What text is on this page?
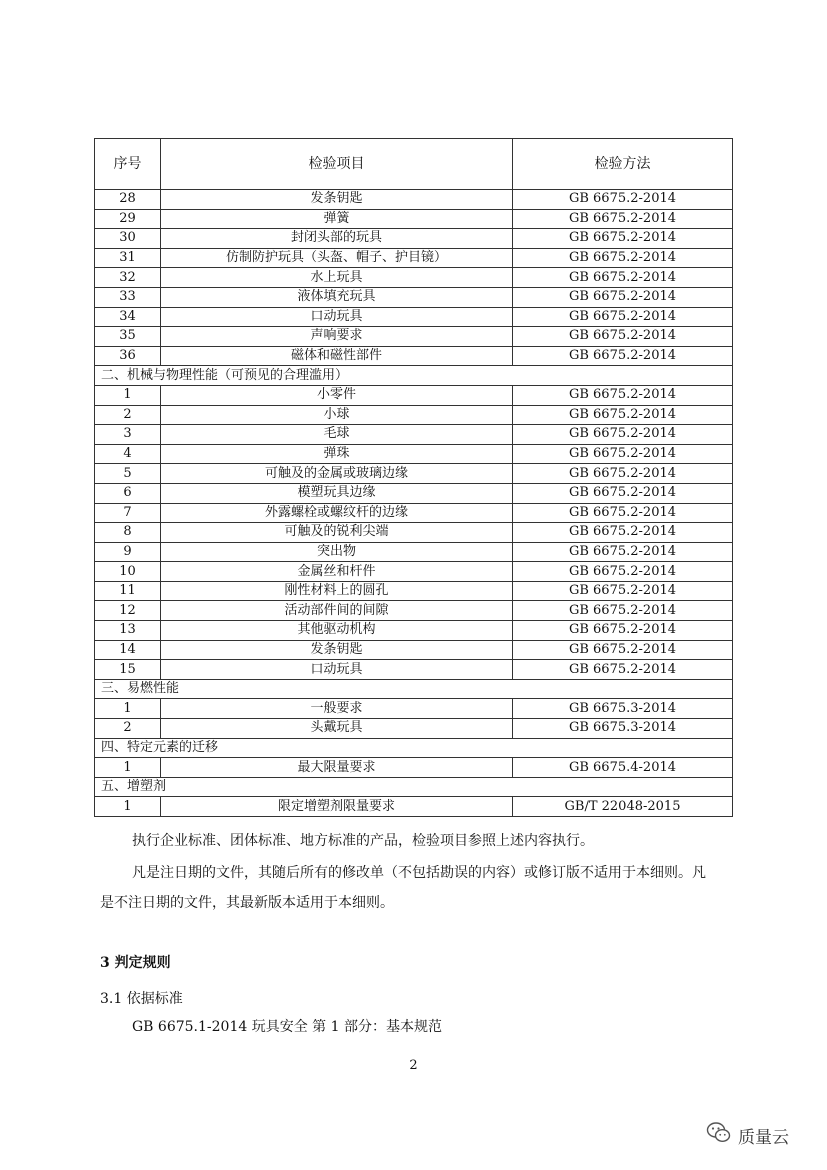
序号	检验项目	检验方法
28	发条钥匙	GB 6675.2-2014
29	弹簧	GB 6675.2-2014
30	封闭头部的玩具	GB 6675.2-2014
31	仿制防护玩具（头盔、帽子、护目镜）	GB 6675.2-2014
32	水上玩具	GB 6675.2-2014
33	液体填充玩具	GB 6675.2-2014
34	口动玩具	GB 6675.2-2014
35	声响要求	GB 6675.2-2014
36	磁体和磁性部件	GB 6675.2-2014
二、机械与物理性能（可预见的合理滥用）		
1	小零件	GB 6675.2-2014
2	小球	GB 6675.2-2014
3	毛球	GB 6675.2-2014
4	弹珠	GB 6675.2-2014
5	可触及的金属或玻璃边缘	GB 6675.2-2014
6	模塑玩具边缘	GB 6675.2-2014
7	外露螺栓或螺纹杆的边缘	GB 6675.2-2014
8	可触及的锐利尖端	GB 6675.2-2014
9	突出物	GB 6675.2-2014
10	金属丝和杆件	GB 6675.2-2014
11	刚性材料上的圆孔	GB 6675.2-2014
12	活动部件间的间隙	GB 6675.2-2014
13	其他驱动机构	GB 6675.2-2014
14	发条钥匙	GB 6675.2-2014
15	口动玩具	GB 6675.2-2014
三、易燃性能		
1	一般要求	GB 6675.3-2014
2	头戴玩具	GB 6675.3-2014
四、特定元素的迁移		
1	最大限量要求	GB 6675.4-2014
五、增塑剂		
1	限定增塑剂限量要求	GB/T 22048-2015
执行企业标准、团体标准、地方标准的产品，检验项目参照上述内容执行。
凡是注日期的文件，其随后所有的修改单（不包括勘误的内容）或修订版不适用于本细则。凡
是不注日期的文件，其最新版本适用于本细则。
3 判定规则
3.1 依据标准
GB 6675.1-2014 玩具安全 第 1 部分：基本规范
2
质量云
